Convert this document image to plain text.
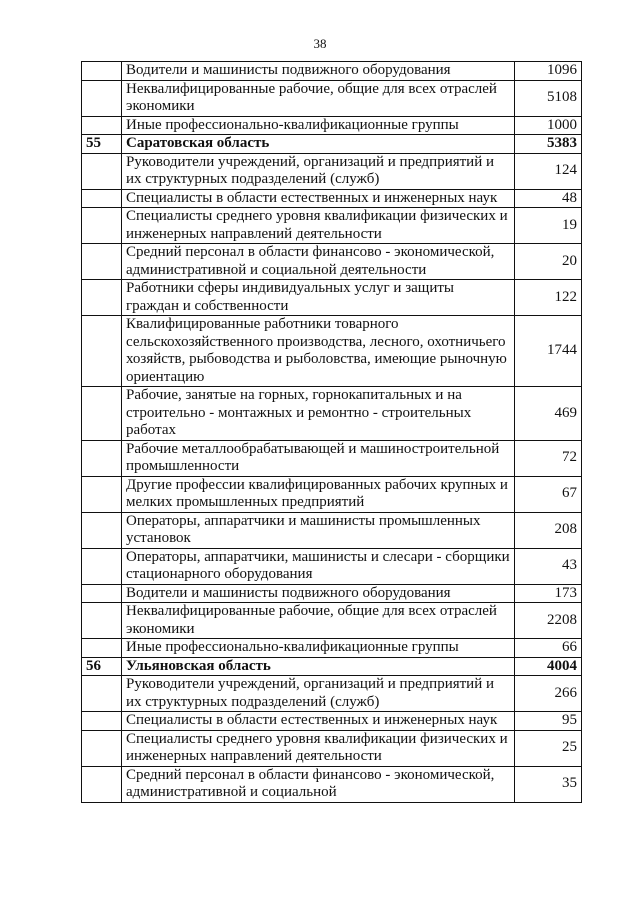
38
	Водители и машинисты подвижного оборудования	1096
	Неквалифицированные рабочие, общие для всех отраслей экономики	5108
	Иные профессионально-квалификационные группы	1000
55	Саратовская область	5383
	Руководители учреждений, организаций и предприятий и их структурных подразделений (служб)	124
	Специалисты в области естественных и инженерных наук	48
	Специалисты среднего уровня квалификации физических и инженерных направлений деятельности	19
	Средний персонал в области финансово - экономической, административной и социальной деятельности	20
	Работники сферы индивидуальных услуг и защиты граждан и собственности	122
	Квалифицированные работники товарного сельскохозяйственного производства, лесного, охотничьего хозяйств, рыбоводства и рыболовства, имеющие рыночную ориентацию	1744
	Рабочие, занятые на горных, горнокапитальных и на строительно - монтажных и ремонтно - строительных работах	469
	Рабочие металлообрабатывающей и машиностроительной промышленности	72
	Другие профессии квалифицированных рабочих крупных и мелких промышленных предприятий	67
	Операторы, аппаратчики и машинисты промышленных установок	208
	Операторы, аппаратчики, машинисты и слесари - сборщики стационарного оборудования	43
	Водители и машинисты подвижного оборудования	173
	Неквалифицированные рабочие, общие для всех отраслей экономики	2208
	Иные профессионально-квалификационные группы	66
56	Ульяновская область	4004
	Руководители учреждений, организаций и предприятий и их структурных подразделений (служб)	266
	Специалисты в области естественных и инженерных наук	95
	Специалисты среднего уровня квалификации физических и инженерных направлений деятельности	25
	Средний персонал в области финансово - экономической, административной и социальной	35
